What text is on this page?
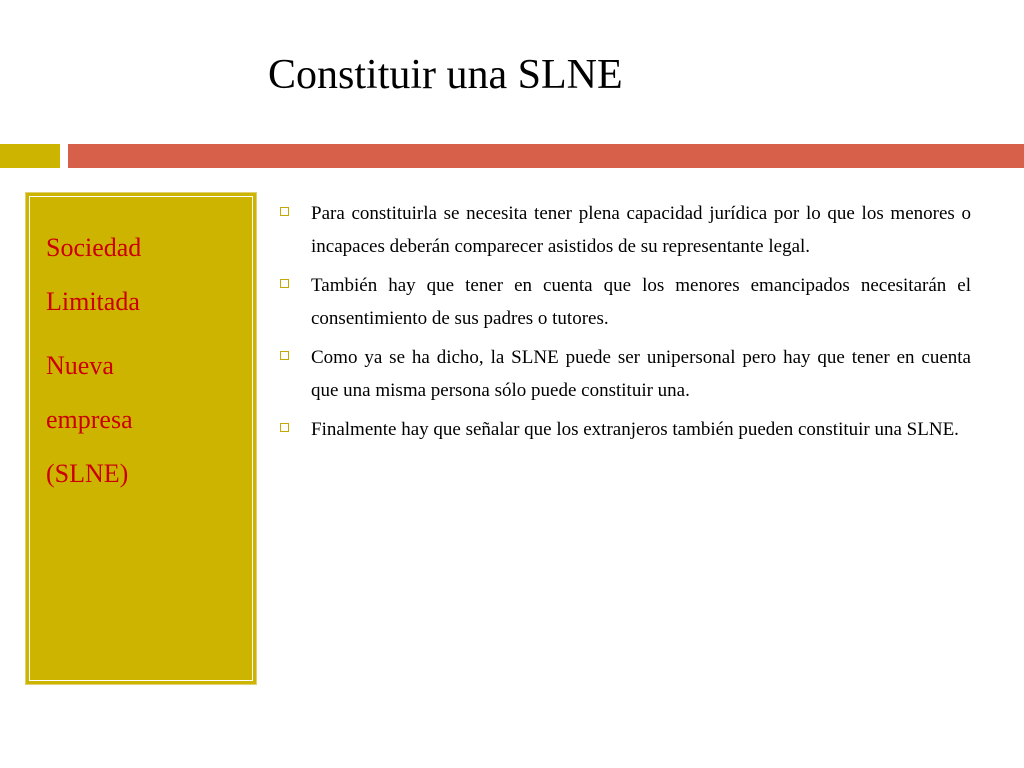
Constituir una SLNE
Sociedad
Limitada
Nueva
empresa
(SLNE)
Para constituirla se necesita tener plena capacidad jurídica por lo que los menores o incapaces deberán comparecer asistidos de su representante legal.
También hay que tener en cuenta que los menores emancipados necesitarán el consentimiento de sus padres o tutores.
Como ya se ha dicho, la SLNE puede ser unipersonal pero hay que tener en cuenta que una misma persona sólo puede constituir una.
Finalmente hay que señalar que los extranjeros también pueden constituir una SLNE.
